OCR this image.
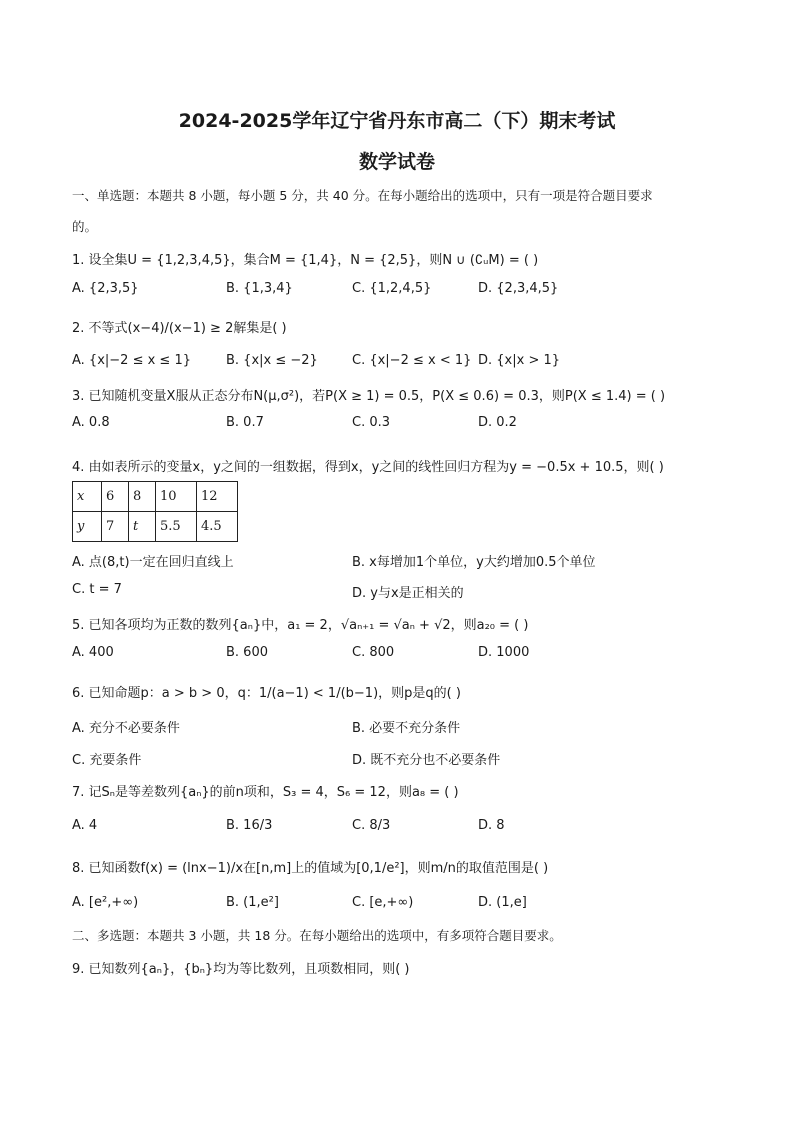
2024-2025学年辽宁省丹东市高二（下）期末考试
数学试卷
一、单选题：本题共 8 小题，每小题 5 分，共 40 分。在每小题给出的选项中，只有一项是符合题目要求
的。
1. 设全集U = {1,2,3,4,5}，集合M = {1,4}，N = {2,5}，则N ∪ (∁ᵤM) = ( )
A. {2,3,5}	B. {1,3,4}	C. {1,2,4,5}	D. {2,3,4,5}
2. 不等式(x−4)/(x−1) ≥ 2解集是( )
A. {x|−2 ≤ x ≤ 1}	B. {x|x ≤ −2}	C. {x|−2 ≤ x < 1} D. {x|x > 1}
3. 已知随机变量X服从正态分布N(μ,σ²)，若P(X ≥ 1) = 0.5，P(X ≤ 0.6) = 0.3，则P(X ≤ 1.4) = ( )
A. 0.8	B. 0.7	C. 0.3	D. 0.2
4. 由如表所示的变量x，y之间的一组数据，得到x，y之间的线性回归方程为y = −0.5x + 10.5，则( )
x	6	8	10	12
y	7	t	5.5	4.5
A. 点(8,t)一定在回归直线上	B. x每增加1个单位，y大约增加0.5个单位
C. t = 7	D. y与x是正相关的
5. 已知各项均为正数的数列{aₙ}中，a₁ = 2，√aₙ₊₁ = √aₙ + √2，则a₂₀ = ( )
A. 400	B. 600	C. 800	D. 1000
6. 已知命题p：a > b > 0，q：1/(a−1) < 1/(b−1)，则p是q的( )
A. 充分不必要条件	B. 必要不充分条件
C. 充要条件	D. 既不充分也不必要条件
7. 记Sₙ是等差数列{aₙ}的前n项和，S₃ = 4，S₆ = 12，则a₈ = ( )
A. 4	B. 16/3	C. 8/3	D. 8
8. 已知函数f(x) = (lnx−1)/x在[n,m]上的值域为[0,1/e²]，则m/n的取值范围是( )
A. [e²,+∞)	B. (1,e²]	C. [e,+∞)	D. (1,e]
二、多选题：本题共 3 小题，共 18 分。在每小题给出的选项中，有多项符合题目要求。
9. 已知数列{aₙ}，{bₙ}均为等比数列，且项数相同，则( )
